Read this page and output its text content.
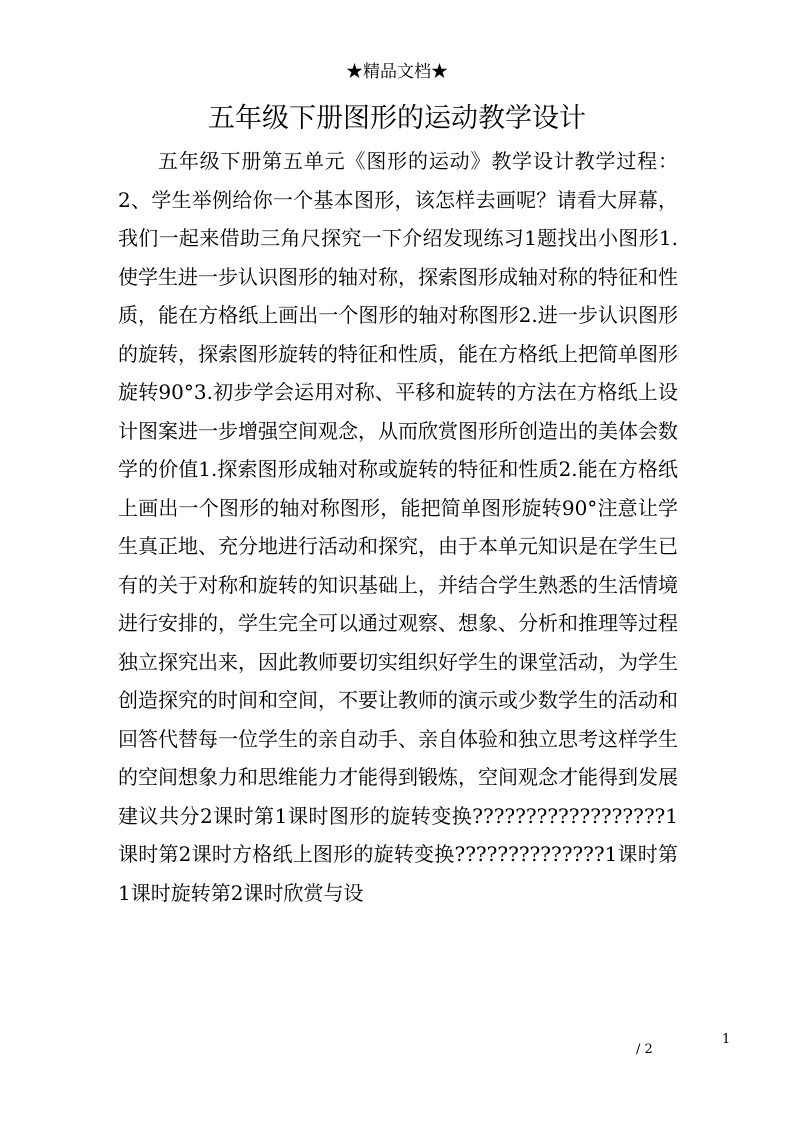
★精品文档★
五年级下册图形的运动教学设计

五年级下册第五单元《图形的运动》教学设计教学过程：2、学生举例给你一个基本图形，该怎样去画呢？请看大屏幕，我们一起来借助三角尺探究一下介绍发现练习1题找出小图形1.使学生进一步认识图形的轴对称，探索图形成轴对称的特征和性质，能在方格纸上画出一个图形的轴对称图形2.进一步认识图形的旋转，探索图形旋转的特征和性质，能在方格纸上把简单图形旋转90°3.初步学会运用对称、平移和旋转的方法在方格纸上设计图案进一步增强空间观念，从而欣赏图形所创造出的美体会数学的价值1.探索图形成轴对称或旋转的特征和性质2.能在方格纸上画出一个图形的轴对称图形，能把简单图形旋转90°注意让学生真正地、充分地进行活动和探究，由于本单元知识是在学生已有的关于对称和旋转的知识基础上，并结合学生熟悉的生活情境进行安排的，学生完全可以通过观察、想象、分析和推理等过程独立探究出来，因此教师要切实组织好学生的课堂活动，为学生创造探究的时间和空间，不要让教师的演示或少数学生的活动和回答代替每一位学生的亲自动手、亲自体验和独立思考这样学生的空间想象力和思维能力才能得到锻炼，空间观念才能得到发展建议共分2课时第1课时图形的旋转变换??????????????????1课时第2课时方格纸上图形的旋转变换??????????????1课时第1课时旋转第2课时欣赏与设

1
/ 2
